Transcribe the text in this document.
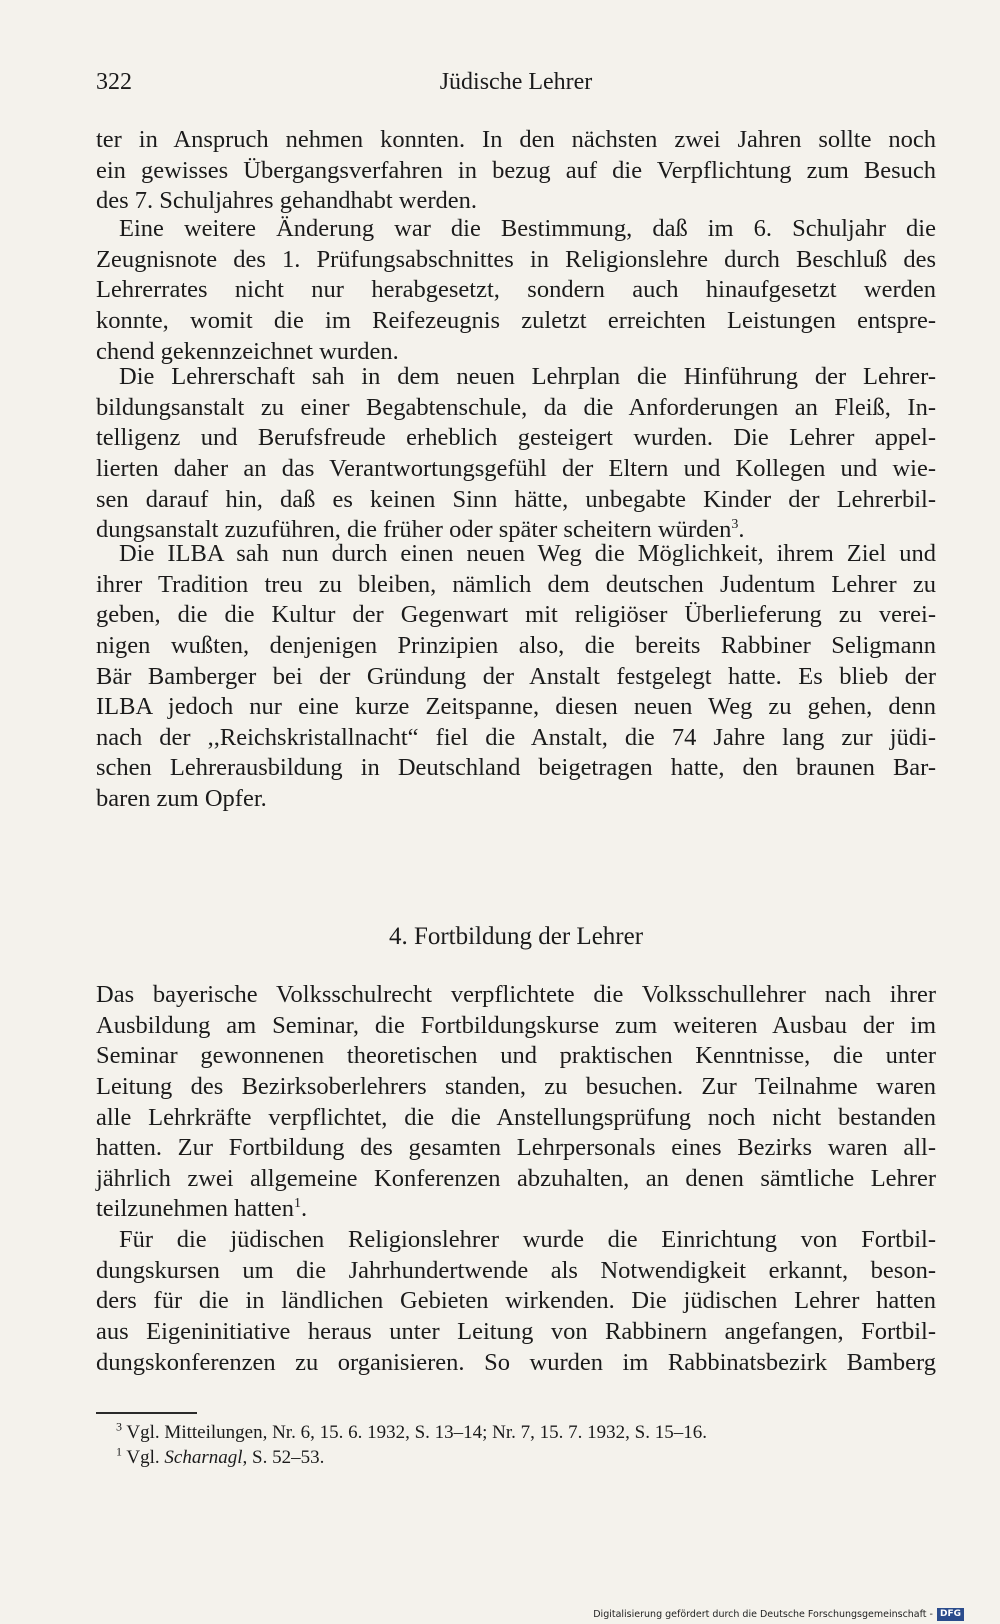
322	Jüdische Lehrer
ter in Anspruch nehmen konnten. In den nächsten zwei Jahren sollte noch
ein gewisses Übergangsverfahren in bezug auf die Verpflichtung zum Besuch
des 7. Schuljahres gehandhabt werden.
Eine weitere Änderung war die Bestimmung, daß im 6. Schuljahr die
Zeugnisnote des 1. Prüfungsabschnittes in Religionslehre durch Beschluß des
Lehrerrates nicht nur herabgesetzt, sondern auch hinaufgesetzt werden
konnte, womit die im Reifezeugnis zuletzt erreichten Leistungen entspre-
chend gekennzeichnet wurden.
Die Lehrerschaft sah in dem neuen Lehrplan die Hinführung der Lehrer-
bildungsanstalt zu einer Begabtenschule, da die Anforderungen an Fleiß, In-
telligenz und Berufsfreude erheblich gesteigert wurden. Die Lehrer appel-
lierten daher an das Verantwortungsgefühl der Eltern und Kollegen und wie-
sen darauf hin, daß es keinen Sinn hätte, unbegabte Kinder der Lehrerbil-
dungsanstalt zuzuführen, die früher oder später scheitern würden$^3$.
Die ILBA sah nun durch einen neuen Weg die Möglichkeit, ihrem Ziel und
ihrer Tradition treu zu bleiben, nämlich dem deutschen Judentum Lehrer zu
geben, die die Kultur der Gegenwart mit religiöser Überlieferung zu verei-
nigen wußten, denjenigen Prinzipien also, die bereits Rabbiner Seligmann
Bär Bamberger bei der Gründung der Anstalt festgelegt hatte. Es blieb der
ILBA jedoch nur eine kurze Zeitspanne, diesen neuen Weg zu gehen, denn
nach der ,,Reichskristallnacht“ fiel die Anstalt, die 74 Jahre lang zur jüdi-
schen Lehrerausbildung in Deutschland beigetragen hatte, den braunen Bar-
baren zum Opfer.
4. Fortbildung der Lehrer
Das bayerische Volksschulrecht verpflichtete die Volksschullehrer nach ihrer
Ausbildung am Seminar, die Fortbildungskurse zum weiteren Ausbau der im
Seminar gewonnenen theoretischen und praktischen Kenntnisse, die unter
Leitung des Bezirksoberlehrers standen, zu besuchen. Zur Teilnahme waren
alle Lehrkräfte verpflichtet, die die Anstellungsprüfung noch nicht bestanden
hatten. Zur Fortbildung des gesamten Lehrpersonals eines Bezirks waren all-
jährlich zwei allgemeine Konferenzen abzuhalten, an denen sämtliche Lehrer
teilzunehmen hatten$^1$.
Für die jüdischen Religionslehrer wurde die Einrichtung von Fortbil-
dungskursen um die Jahrhundertwende als Notwendigkeit erkannt, beson-
ders für die in ländlichen Gebieten wirkenden. Die jüdischen Lehrer hatten
aus Eigeninitiative heraus unter Leitung von Rabbinern angefangen, Fortbil-
dungskonferenzen zu organisieren. So wurden im Rabbinatsbezirk Bamberg
$^3$ Vgl. Mitteilungen, Nr. 6, 15. 6. 1932, S. 13–14; Nr. 7, 15. 7. 1932, S. 15–16.
$^1$ Vgl. Scharnagl, S. 52–53.
Digitalisierung gefördert durch die Deutsche Forschungsgemeinschaft - DFG
